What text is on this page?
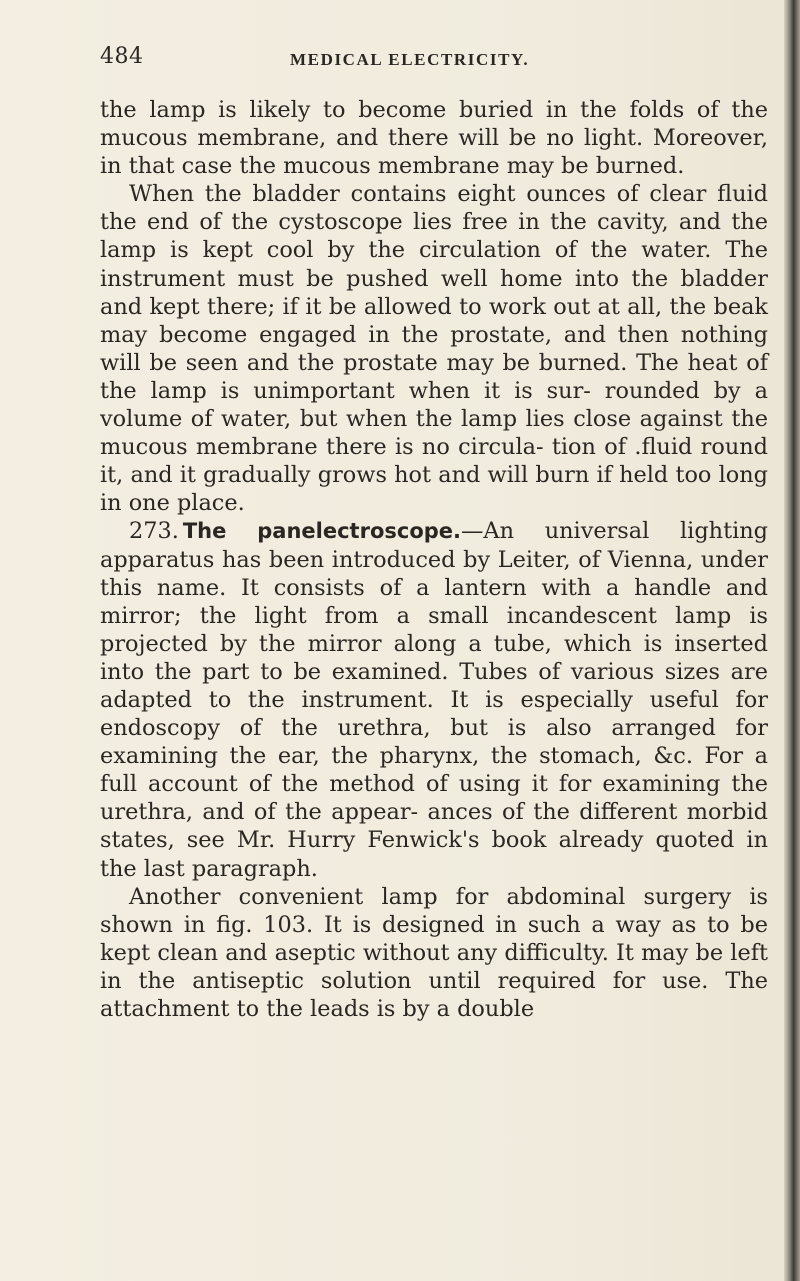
484	MEDICAL ELECTRICITY.

the lamp is likely to become buried in the folds of the mucous membrane, and there will be no light. Moreover, in that case the mucous membrane may be burned.

When the bladder contains eight ounces of clear fluid the end of the cystoscope lies free in the cavity, and the lamp is kept cool by the circulation of the water. The instrument must be pushed well home into the bladder and kept there; if it be allowed to work out at all, the beak may become engaged in the prostate, and then nothing will be seen and the prostate may be burned. The heat of the lamp is unimportant when it is sur- rounded by a volume of water, but when the lamp lies close against the mucous membrane there is no circula- tion of .fluid round it, and it gradually grows hot and will burn if held too long in one place.

273. The panelectroscope.—An universal lighting apparatus has been introduced by Leiter, of Vienna, under this name. It consists of a lantern with a handle and mirror; the light from a small incandescent lamp is projected by the mirror along a tube, which is inserted into the part to be examined. Tubes of various sizes are adapted to the instrument. It is especially useful for endoscopy of the urethra, but is also arranged for examining the ear, the pharynx, the stomach, &c. For a full account of the method of using it for examining the urethra, and of the appear- ances of the different morbid states, see Mr. Hurry Fenwick's book already quoted in the last paragraph.

Another convenient lamp for abdominal surgery is shown in fig. 103. It is designed in such a way as to be kept clean and aseptic without any difficulty. It may be left in the antiseptic solution until required for use. The attachment to the leads is by a double
